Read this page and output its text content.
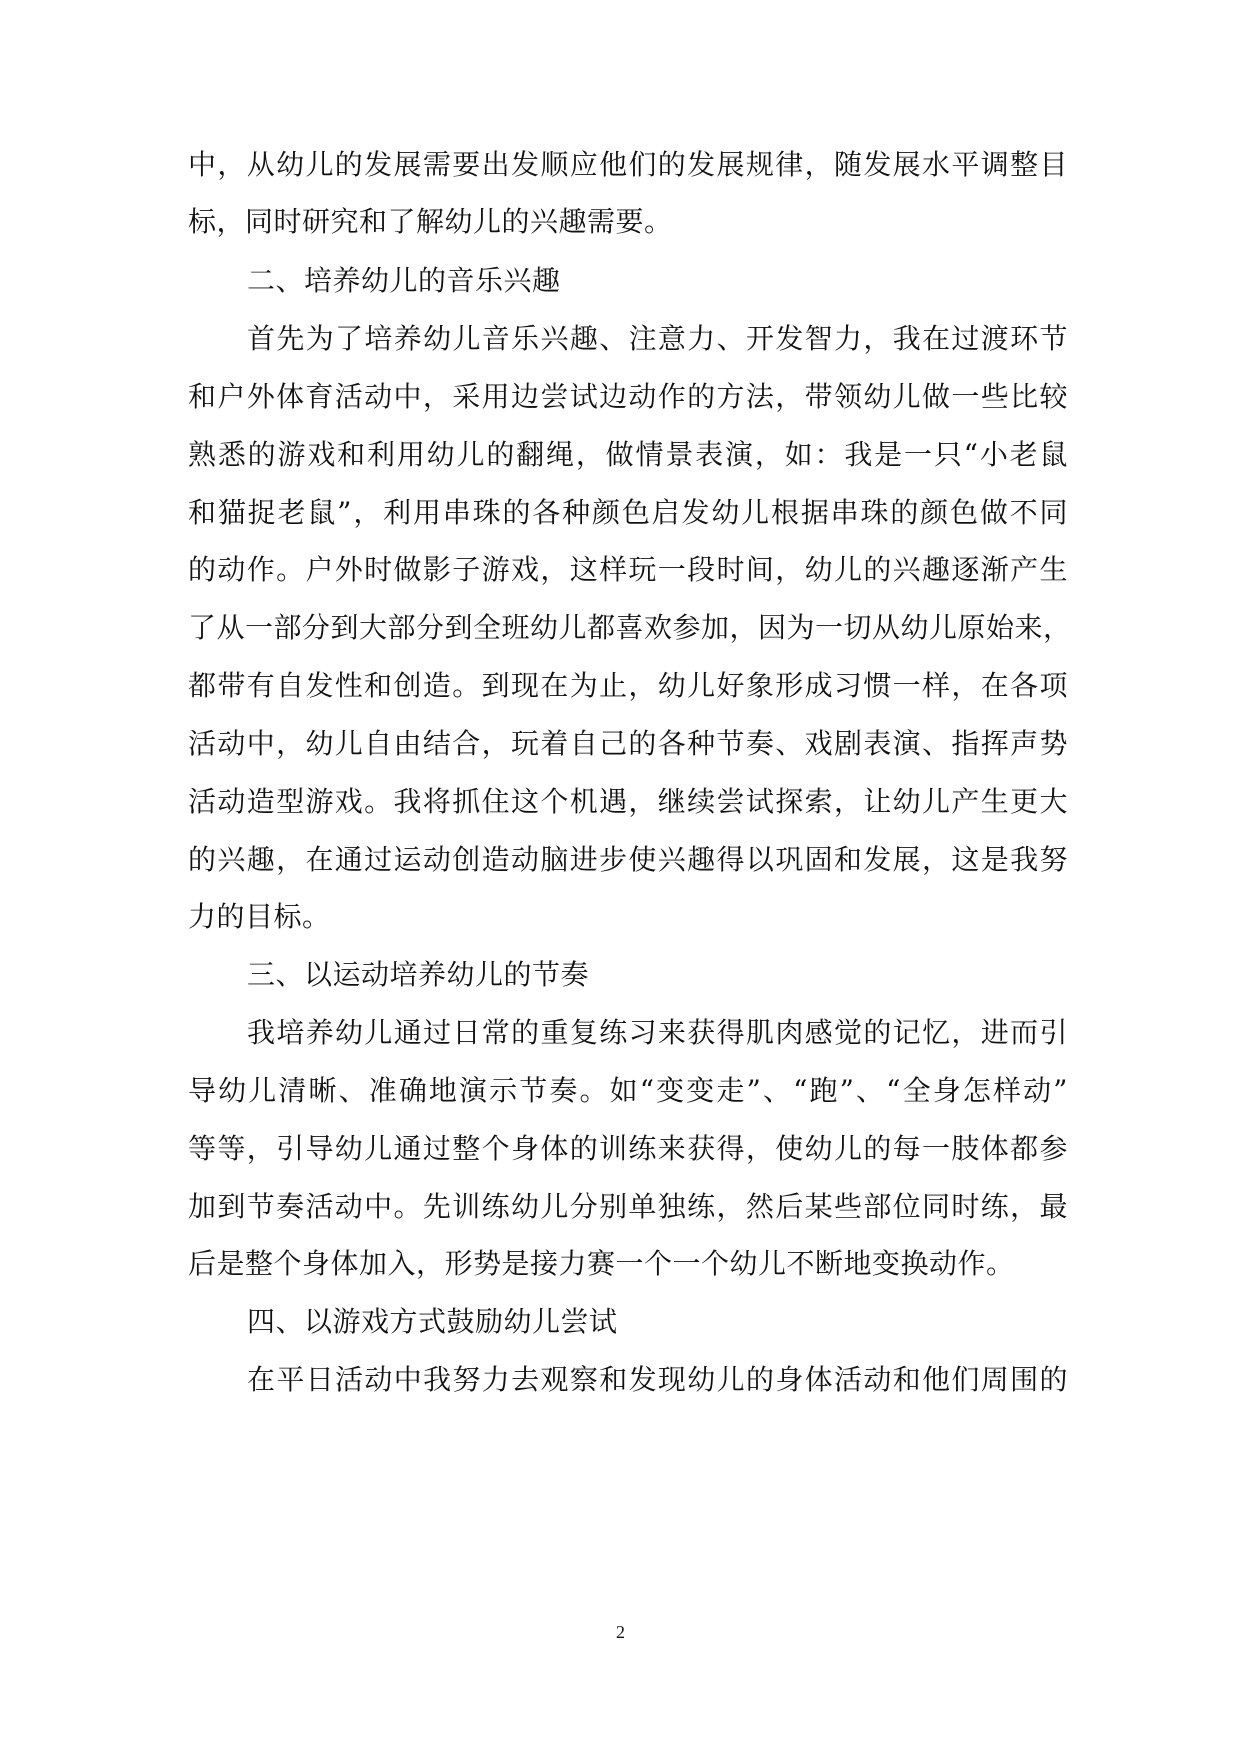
中，从幼儿的发展需要出发顺应他们的发展规律，随发展水平调整目
标，同时研究和了解幼儿的兴趣需要。
二、培养幼儿的音乐兴趣
首先为了培养幼儿音乐兴趣、注意力、开发智力，我在过渡环节
和户外体育活动中，采用边尝试边动作的方法，带领幼儿做一些比较
熟悉的游戏和利用幼儿的翻绳，做情景表演，如：我是一只“小老鼠
和猫捉老鼠”，利用串珠的各种颜色启发幼儿根据串珠的颜色做不同
的动作。户外时做影子游戏，这样玩一段时间，幼儿的兴趣逐渐产生
了从一部分到大部分到全班幼儿都喜欢参加，因为一切从幼儿原始来，
都带有自发性和创造。到现在为止，幼儿好象形成习惯一样，在各项
活动中，幼儿自由结合，玩着自己的各种节奏、戏剧表演、指挥声势
活动造型游戏。我将抓住这个机遇，继续尝试探索，让幼儿产生更大
的兴趣，在通过运动创造动脑进步使兴趣得以巩固和发展，这是我努
力的目标。
三、以运动培养幼儿的节奏
我培养幼儿通过日常的重复练习来获得肌肉感觉的记忆，进而引
导幼儿清晰、准确地演示节奏。如“变变走”、“跑”、“全身怎样动”
等等，引导幼儿通过整个身体的训练来获得，使幼儿的每一肢体都参
加到节奏活动中。先训练幼儿分别单独练，然后某些部位同时练，最
后是整个身体加入，形势是接力赛一个一个幼儿不断地变换动作。
四、以游戏方式鼓励幼儿尝试
在平日活动中我努力去观察和发现幼儿的身体活动和他们周围的
2
